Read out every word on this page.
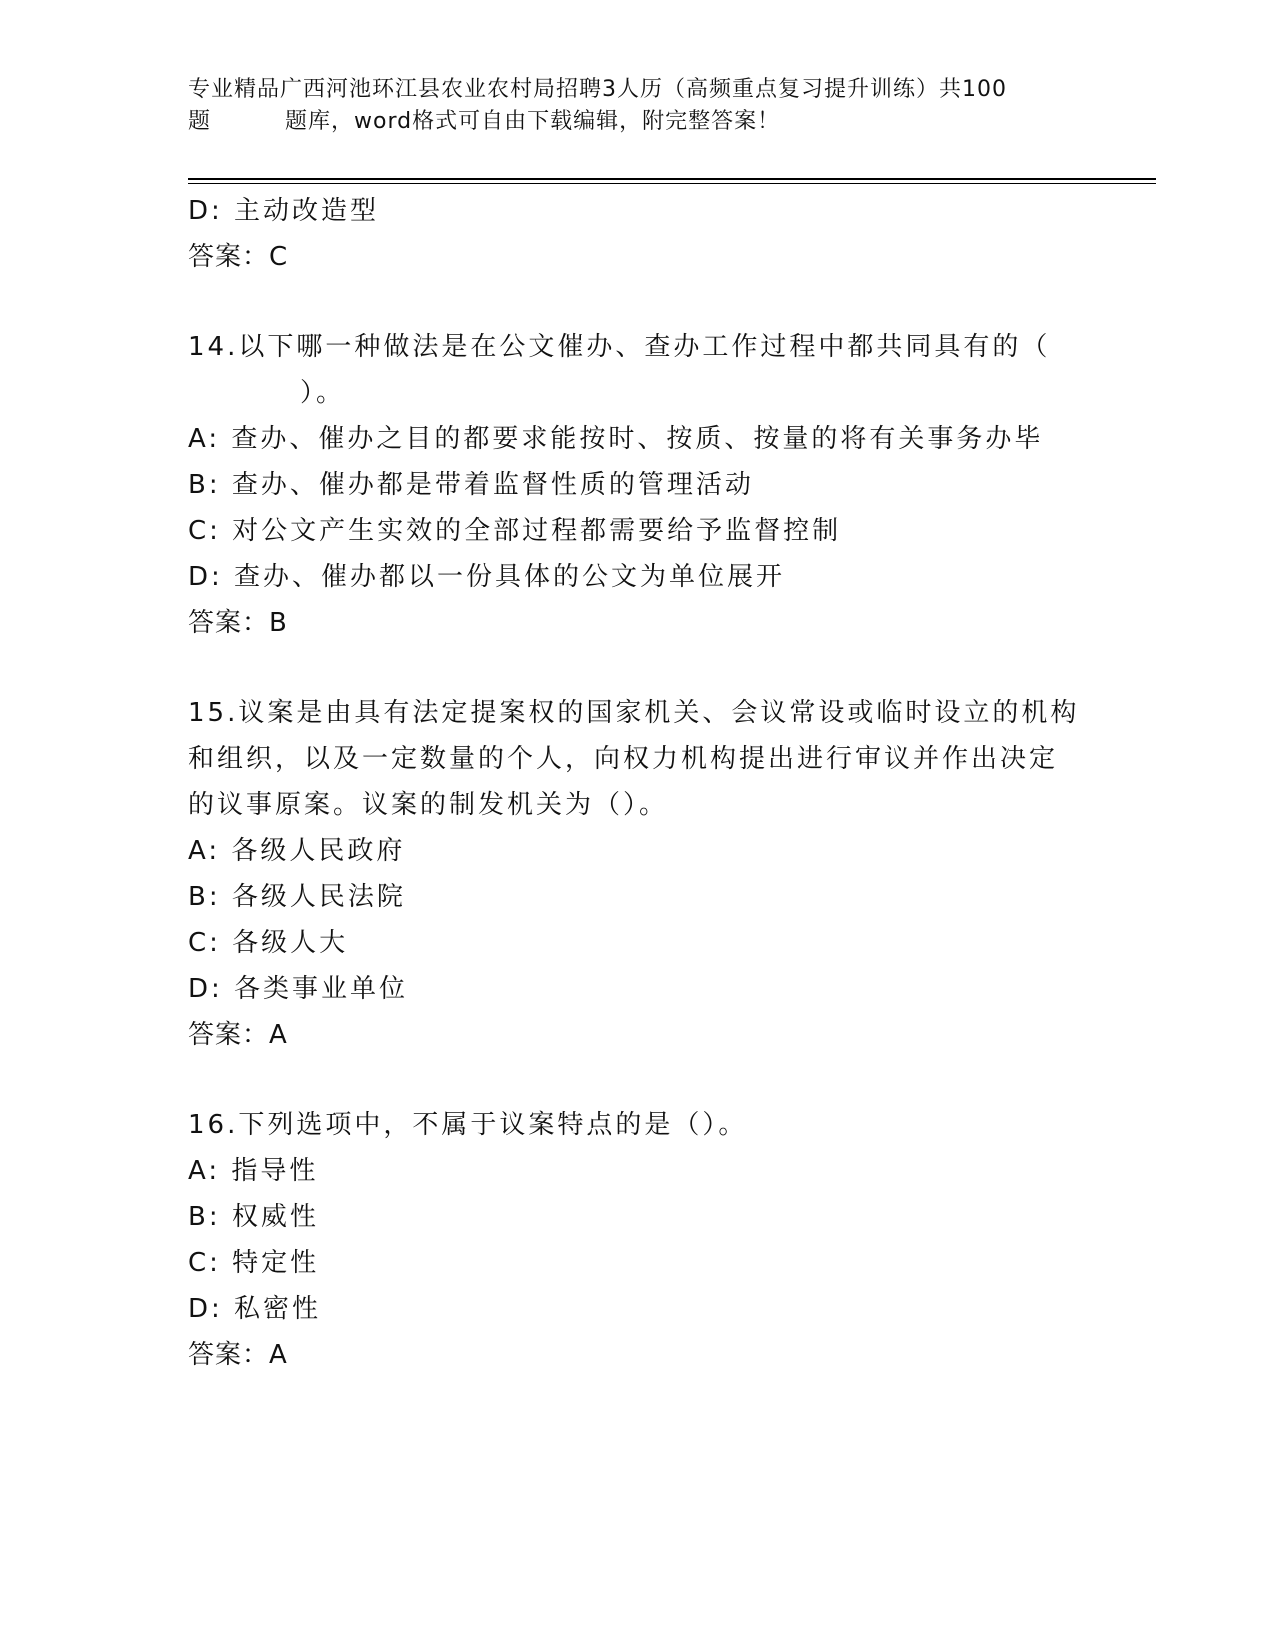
专业精品广西河池环江县农业农村局招聘3人历（高频重点复习提升训练）共100
题	题库，word格式可自由下载编辑，附完整答案！
D: 主动改造型
答案：C
14.以下哪一种做法是在公文催办、查办工作过程中都共同具有的（
）。
A: 查办、催办之目的都要求能按时、按质、按量的将有关事务办毕
B: 查办、催办都是带着监督性质的管理活动
C: 对公文产生实效的全部过程都需要给予监督控制
D: 查办、催办都以一份具体的公文为单位展开
答案：B
15.议案是由具有法定提案权的国家机关、会议常设或临时设立的机构
和组织，以及一定数量的个人，向权力机构提出进行审议并作出决定
的议事原案。议案的制发机关为（）。
A: 各级人民政府
B: 各级人民法院
C: 各级人大
D: 各类事业单位
答案：A
16.下列选项中，不属于议案特点的是（）。
A: 指导性
B: 权威性
C: 特定性
D: 私密性
答案：A
